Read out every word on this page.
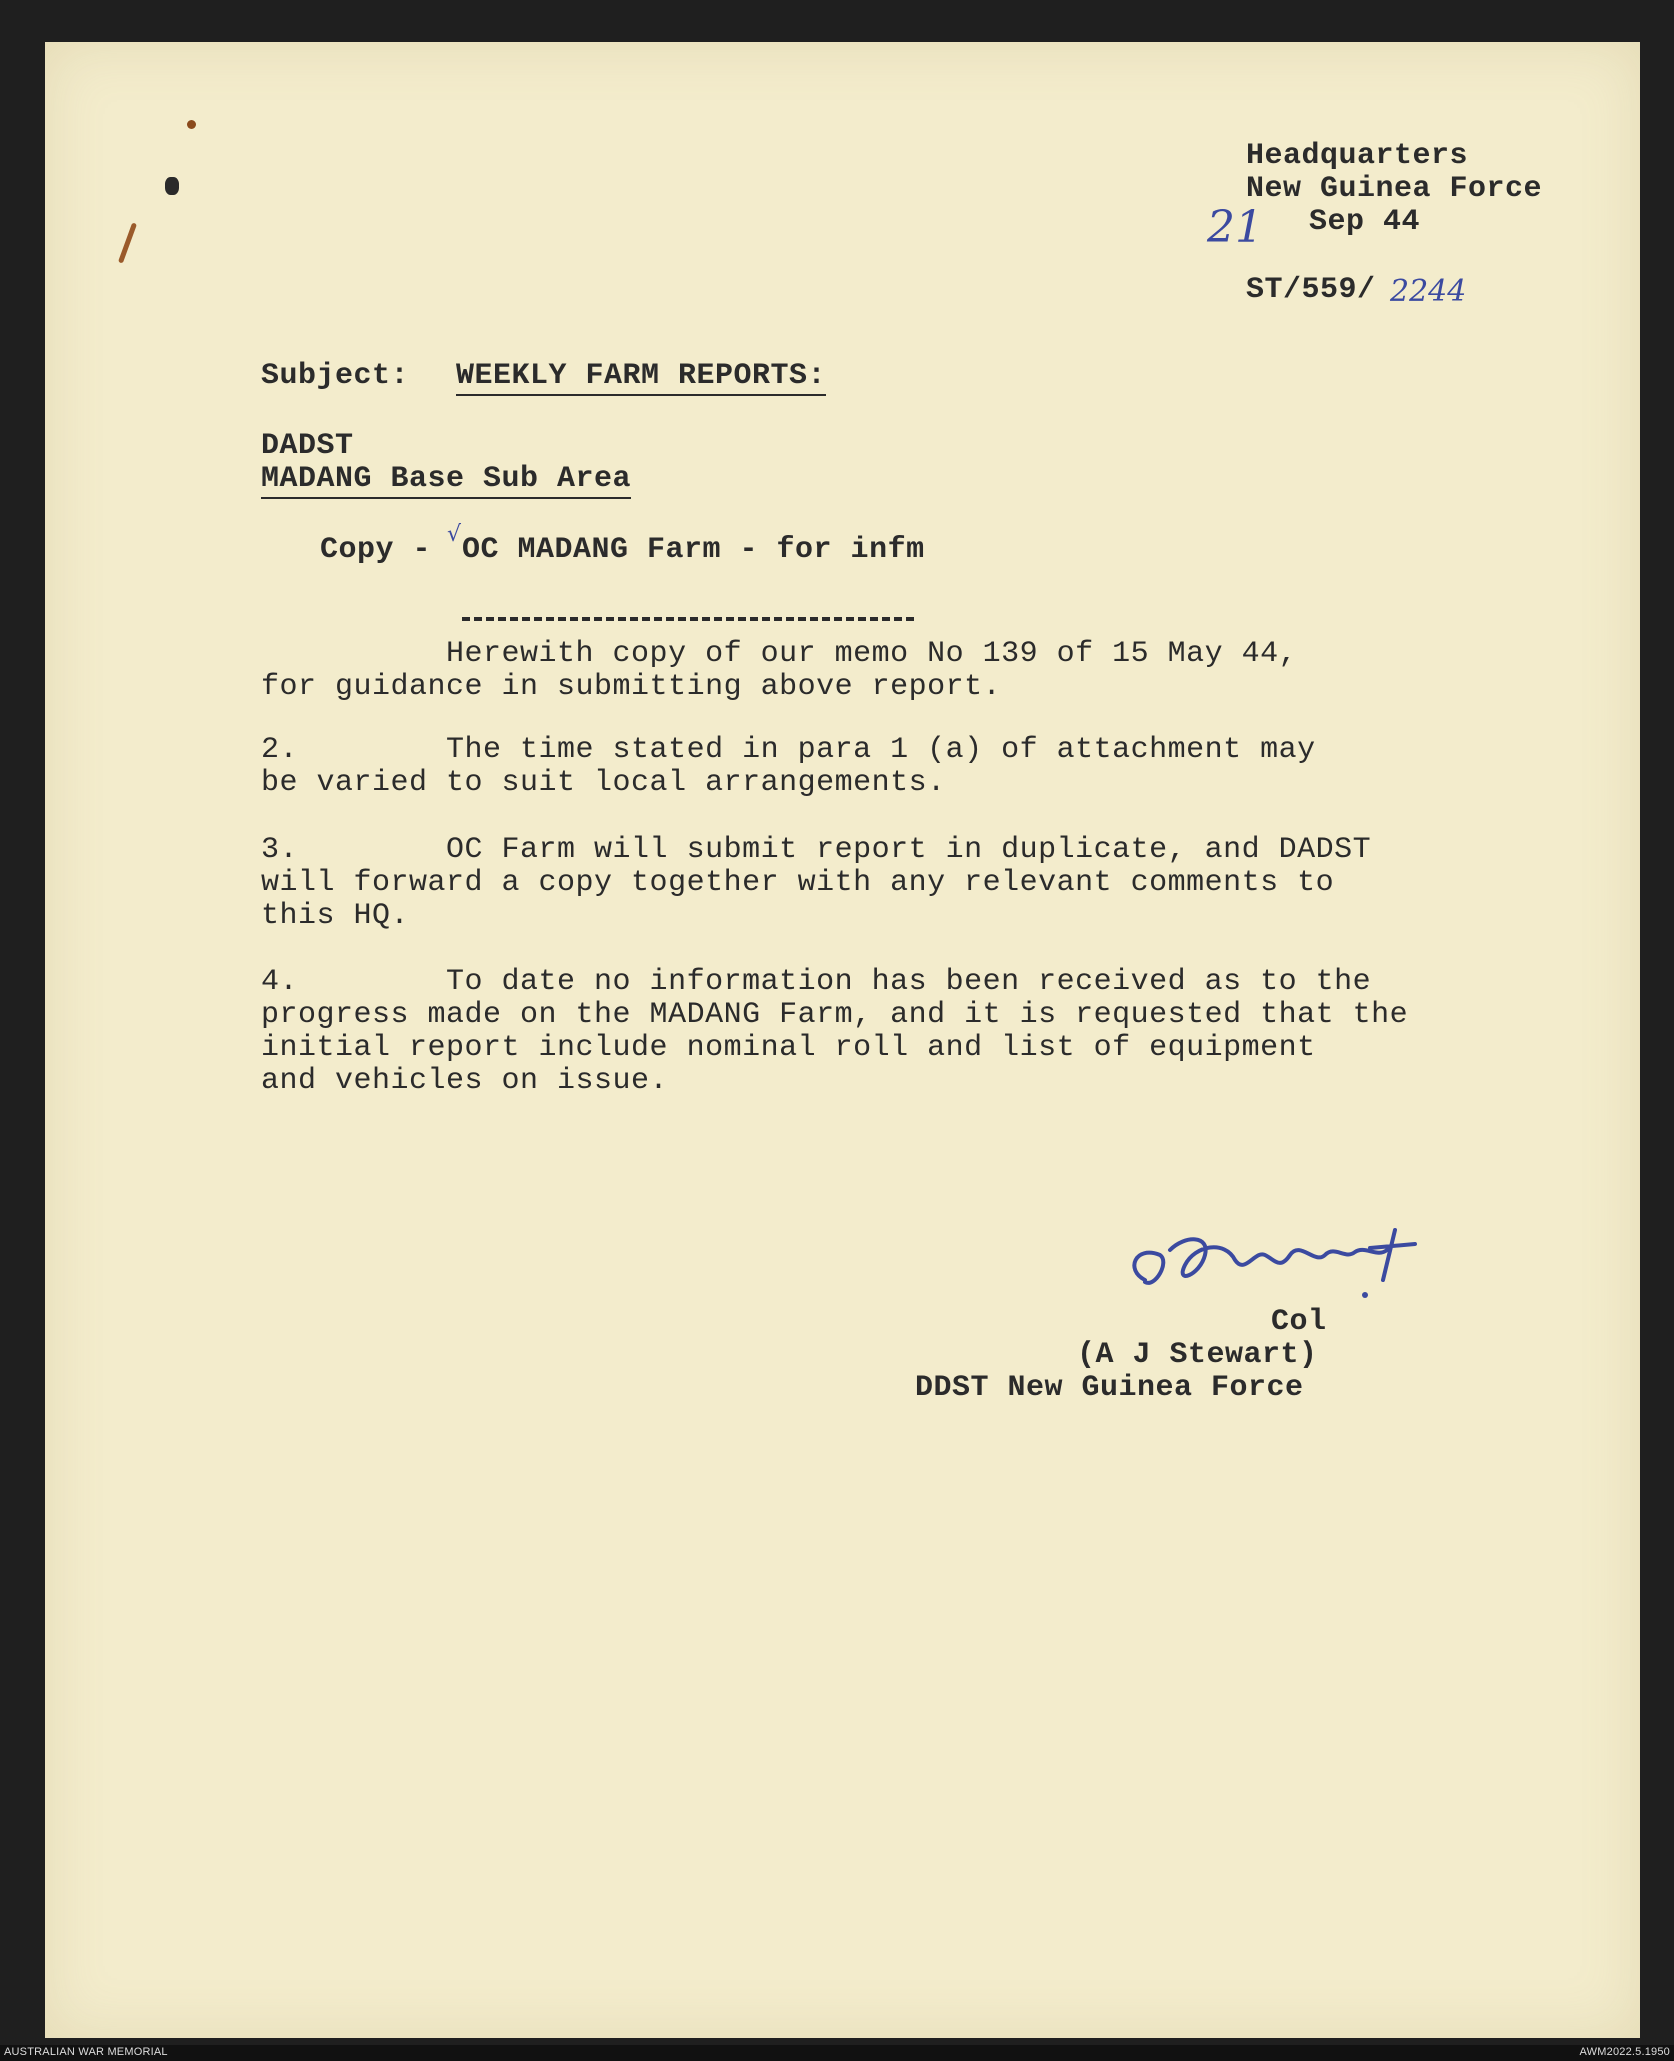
Headquarters
New Guinea Force
21 Sep 44
ST/559/ 2244
Subject: WEEKLY FARM REPORTS:
DADST
MADANG Base Sub Area
Copy - √ OC MADANG Farm - for infm
Herewith copy of our memo No 139 of 15 May 44,
for guidance in submitting above report.
2.        The time stated in para 1 (a) of attachment may
be varied to suit local arrangements.
3.        OC Farm will submit report in duplicate, and DADST
will forward a copy together with any relevant comments to
this HQ.
4.        To date no information has been received as to the
progress made on the MADANG Farm, and it is requested that the
initial report include nominal roll and list of equipment
and vehicles on issue.
Col
(A J Stewart)
DDST New Guinea Force
AUSTRALIAN WAR MEMORIAL	AWM2022.5.1950
